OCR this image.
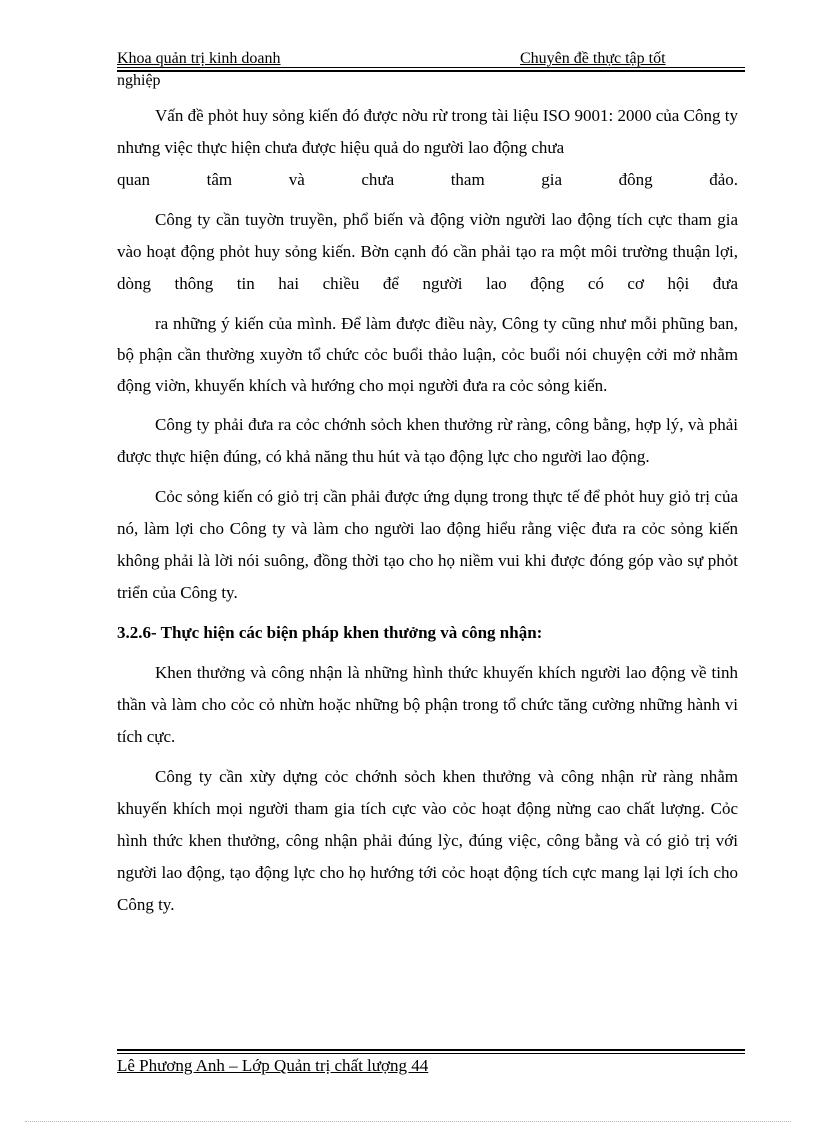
Khoa quản trị kinh doanh	Chuyên đề thực tập tốt
nghiệp

Vấn đề phỏt huy sỏng kiến đó được nờu rừ trong tài liệu ISO 9001: 2000 của Công ty nhưng việc thực hiện chưa được hiệu quả do người lao động chưa

quan tâm và chưa tham gia đông đảo.

Công ty cần tuyờn truyền, phổ biến và động viờn người lao động tích cực tham gia vào hoạt động phỏt huy sỏng kiến. Bờn cạnh đó cần phải tạo ra một môi trường thuận lợi, dòng thông tin hai chiều để người lao động có cơ hội đưa

ra những ý kiến của mình. Để làm được điều này, Công ty cũng như mỗi phũng ban, bộ phận cần thường xuyờn tổ chức cỏc buổi thảo luận, cỏc buổi nói chuyện cởi mở nhằm động viờn, khuyến khích và hướng cho mọi người đưa ra cỏc sỏng kiến.

Công ty phải đưa ra cỏc chớnh sỏch khen thưởng rừ ràng, công bằng, hợp lý, và phải được thực hiện đúng, có khả năng thu hút và tạo động lực cho người lao động.

Cỏc sỏng kiến có giỏ trị cần phải được ứng dụng trong thực tế để phỏt huy giỏ trị của nó, làm lợi cho Công ty và làm cho người lao động hiểu rằng việc đưa ra cỏc sỏng kiến không phải là lời nói suông, đồng thời tạo cho họ niềm vui khi được đóng góp vào sự phỏt triển của Công ty.

3.2.6- Thực hiện các biện pháp khen thưởng và công nhận:

Khen thưởng và công nhận là những hình thức khuyến khích người lao động về tinh thần và làm cho cỏc cỏ nhừn hoặc những bộ phận trong tổ chức tăng cường những hành vi tích cực.

Công ty cần xừy dựng cỏc chớnh sỏch khen thưởng và công nhận rừ ràng nhằm khuyến khích mọi người tham gia tích cực vào cỏc hoạt động nừng cao chất lượng. Cỏc hình thức khen thưởng, công nhận phải đúng lỳc, đúng việc, công bằng và có giỏ trị với người lao động, tạo động lực cho họ hướng tới cỏc hoạt động tích cực mang lại lợi ích cho Công ty.

Lê Phương Anh – Lớp Quản trị chất lượng 44
